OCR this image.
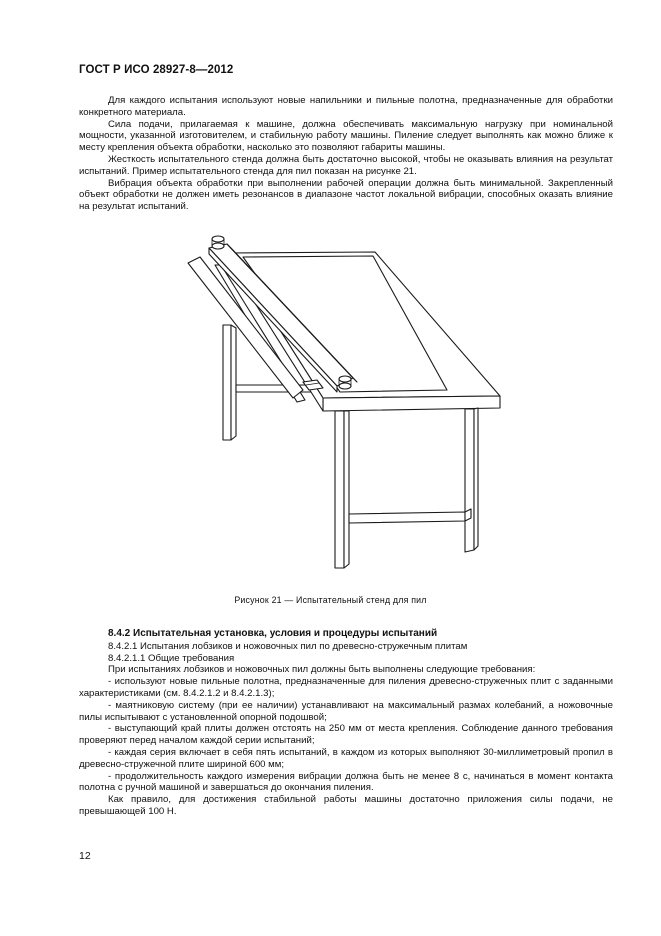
ГОСТ Р ИСО 28927-8—2012

Для каждого испытания используют новые напильники и пильные полотна, предназначенные для обработки конкретного материала.

Сила подачи, прилагаемая к машине, должна обеспечивать максимальную нагрузку при номинальной мощности, указанной изготовителем, и стабильную работу машины. Пиление следует выполнять как можно ближе к месту крепления объекта обработки, насколько это позволяют габариты машины.

Жесткость испытательного стенда должна быть достаточно высокой, чтобы не оказывать влияния на результат испытаний. Пример испытательного стенда для пил показан на рисунке 21.

Вибрация объекта обработки при выполнении рабочей операции должна быть минимальной. Закрепленный объект обработки не должен иметь резонансов в диапазоне частот локальной вибрации, способных оказать влияние на результат испытаний.

Рисунок 21 — Испытательный стенд для пил

8.4.2 Испытательная установка, условия и процедуры испытаний

8.4.2.1 Испытания лобзиков и ножовочных пил по древесно-стружечным плитам

8.4.2.1.1 Общие требования

При испытаниях лобзиков и ножовочных пил должны быть выполнены следующие требования:

- используют новые пильные полотна, предназначенные для пиления древесно-стружечных плит с заданными характеристиками (см. 8.4.2.1.2 и 8.4.2.1.3);

- маятниковую систему (при ее наличии) устанавливают на максимальный размах колебаний, а ножовочные пилы испытывают с установленной опорной подошвой;

- выступающий край плиты должен отстоять на 250 мм от места крепления. Соблюдение данного требования проверяют перед началом каждой серии испытаний;

- каждая серия включает в себя пять испытаний, в каждом из которых выполняют 30-миллиметровый пропил в древесно-стружечной плите шириной 600 мм;

- продолжительность каждого измерения вибрации должна быть не менее 8 с, начинаться в момент контакта полотна с ручной машиной и завершаться до окончания пиления.

Как правило, для достижения стабильной работы машины достаточно приложения силы подачи, не превышающей 100 Н.

12
